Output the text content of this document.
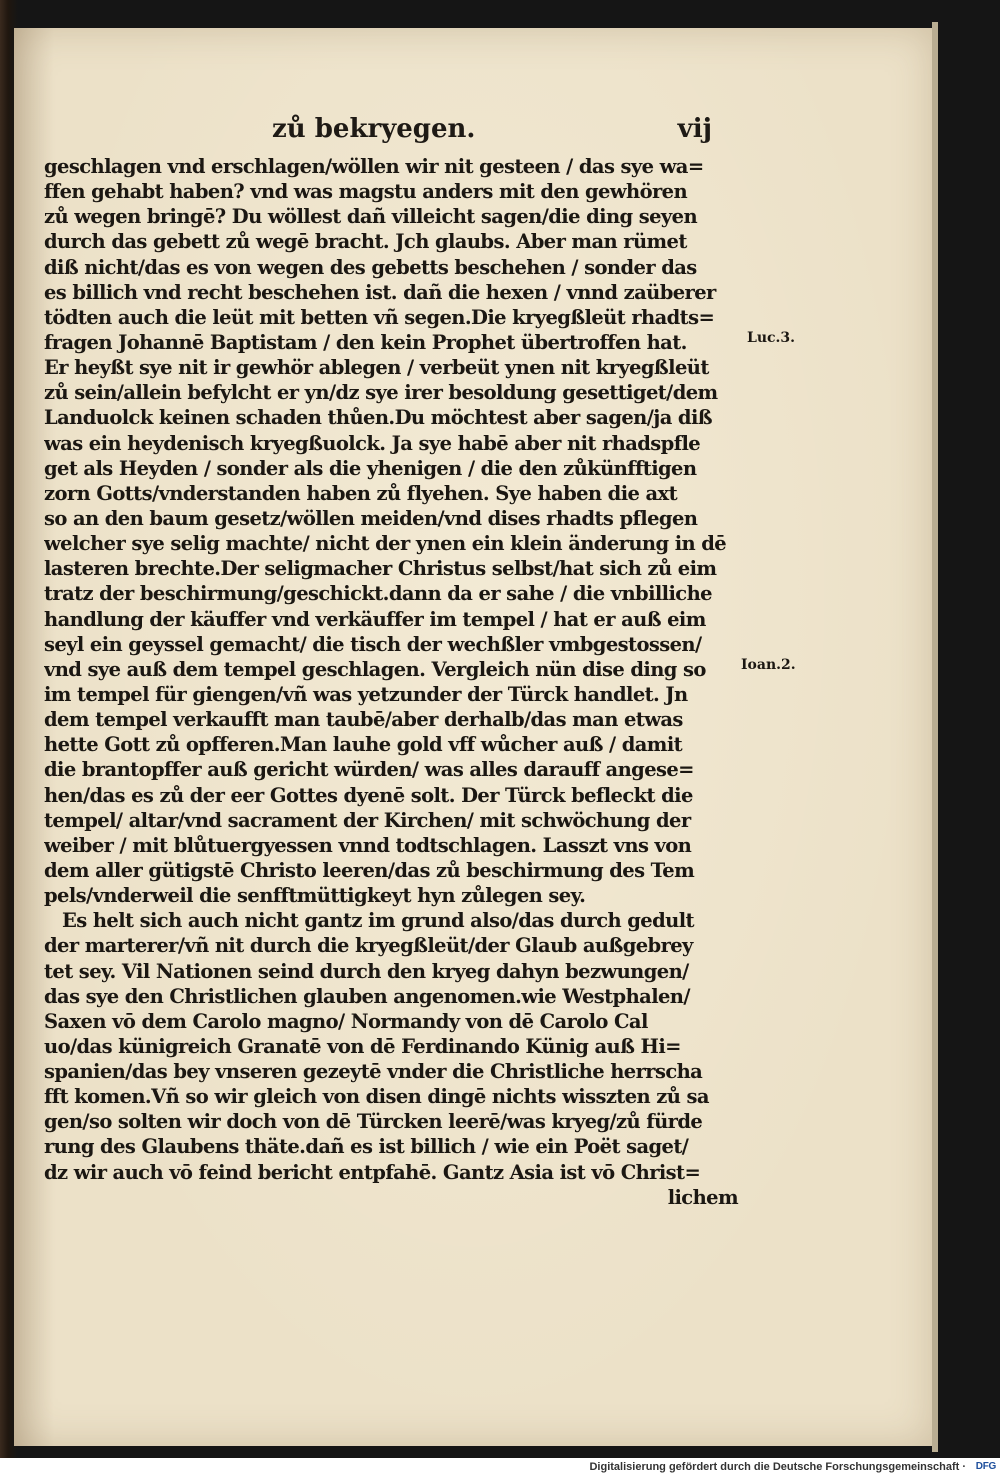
zů bekryegen.	vij
geschlagen vnd erschlagen/wöllen wir nit gesteen / das sye wa=
ffen gehabt haben? vnd was magstu anders mit den gewhören
zů wegen bringē? Du wöllest dañ villeicht sagen/die ding seyen
durch das gebett zů wegē bracht. Jch glaubs. Aber man rümet
diß nicht/das es von wegen des gebetts beschehen / sonder das
es billich vnd recht beschehen ist. dañ die hexen / vnnd zaüberer
tödten auch die leüt mit betten vñ segen.Die kryegßleüt rhadts=
fragen Johannē Baptistam / den kein Prophet übertroffen hat.
Er heyßt sye nit ir gewhör ablegen / verbeüt ynen nit kryegßleüt
zů sein/allein befylcht er yn/dz sye irer besoldung gesettiget/dem
Landuolck keinen schaden thůen.Du möchtest aber sagen/ja diß
was ein heydenisch kryegßuolck. Ja sye habē aber nit rhadspfle
get als Heyden / sonder als die yhenigen / die den zůkünfftigen
zorn Gotts/vnderstanden haben zů flyehen. Sye haben die axt
so an den baum gesetz/wöllen meiden/vnd dises rhadts pflegen
welcher sye selig machte/ nicht der ynen ein klein änderung in dē
lasteren brechte.Der seligmacher Christus selbst/hat sich zů eim
tratz der beschirmung/geschickt.dann da er sahe / die vnbilliche
handlung der käuffer vnd verkäuffer im tempel / hat er auß eim
seyl ein geyssel gemacht/ die tisch der wechßler vmbgestossen/
vnd sye auß dem tempel geschlagen. Vergleich nün dise ding so
im tempel für giengen/vñ was yetzunder der Türck handlet. Jn
dem tempel verkaufft man taubē/aber derhalb/das man etwas
hette Gott zů opfferen.Man lauhe gold vff wůcher auß / damit
die brantopffer auß gericht würden/ was alles darauff angese=
hen/das es zů der eer Gottes dyenē solt. Der Türck befleckt die
tempel/ altar/vnd sacrament der Kirchen/ mit schwöchung der
weiber / mit blůtuergyessen vnnd todtschlagen. Lasszt vns von
dem aller gütigstē Christo leeren/das zů beschirmung des Tem
pels/vnderweil die senfftmüttigkeyt hyn zůlegen sey.
Es helt sich auch nicht gantz im grund also/das durch gedult
der marterer/vñ nit durch die kryegßleüt/der Glaub außgebrey
tet sey. Vil Nationen seind durch den kryeg dahyn bezwungen/
das sye den Christlichen glauben angenomen.wie Westphalen/
Saxen vō dem Carolo magno/ Normandy von dē Carolo Cal
uo/das künigreich Granatē von dē Ferdinando Künig auß Hi=
spanien/das bey vnseren gezeytē vnder die Christliche herrscha
fft komen.Vñ so wir gleich von disen dingē nichts wisszten zů sa
gen/so solten wir doch von dē Türcken leerē/was kryeg/zů fürde
rung des Glaubens thäte.dañ es ist billich / wie ein Poët saget/
dz wir auch vō feind bericht entpfahē. Gantz Asia ist vō Christ=
lichem
Luc.3.
Ioan.2.
Digitalisierung gefördert durch die Deutsche Forschungsgemeinschaft · DFG
